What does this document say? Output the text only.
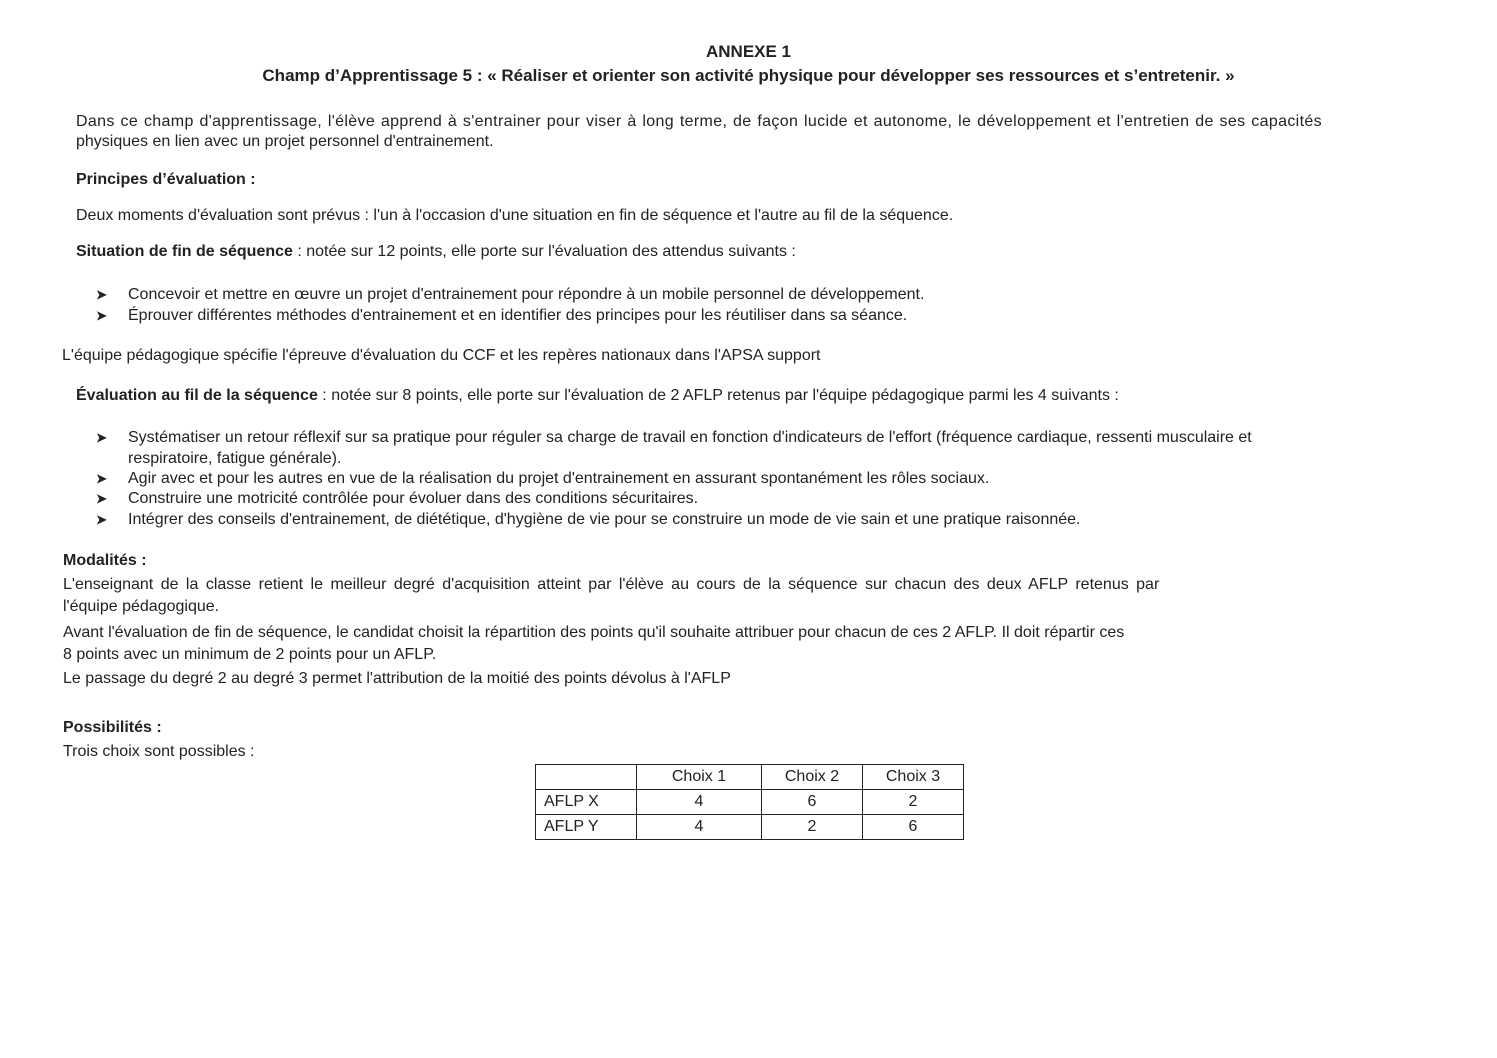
ANNEXE 1
Champ d’Apprentissage 5 : « Réaliser et orienter son activité physique pour développer ses ressources et s’entretenir. »
Dans ce champ d'apprentissage, l'élève apprend à s'entrainer pour viser à long terme, de façon lucide et autonome, le développement et l'entretien de ses capacités
physiques en lien avec un projet personnel d'entrainement.
Principes d’évaluation :
Deux moments d'évaluation sont prévus : l'un à l'occasion d'une situation en fin de séquence et l'autre au fil de la séquence.
Situation de fin de séquence : notée sur 12 points, elle porte sur l'évaluation des attendus suivants :
➤ Concevoir et mettre en œuvre un projet d'entrainement pour répondre à un mobile personnel de développement.
➤ Éprouver différentes méthodes d'entrainement et en identifier des principes pour les réutiliser dans sa séance.
L'équipe pédagogique spécifie l'épreuve d'évaluation du CCF et les repères nationaux dans l'APSA support
Évaluation au fil de la séquence : notée sur 8 points, elle porte sur l'évaluation de 2 AFLP retenus par l'équipe pédagogique parmi les 4 suivants :
➤ Systématiser un retour réflexif sur sa pratique pour réguler sa charge de travail en fonction d'indicateurs de l'effort (fréquence cardiaque, ressenti musculaire et
respiratoire, fatigue générale).
➤ Agir avec et pour les autres en vue de la réalisation du projet d'entrainement en assurant spontanément les rôles sociaux.
➤ Construire une motricité contrôlée pour évoluer dans des conditions sécuritaires.
➤ Intégrer des conseils d'entrainement, de diététique, d'hygiène de vie pour se construire un mode de vie sain et une pratique raisonnée.
Modalités :
L'enseignant de la classe retient le meilleur degré d'acquisition atteint par l'élève au cours de la séquence sur chacun des deux AFLP retenus par
l'équipe pédagogique.
Avant l'évaluation de fin de séquence, le candidat choisit la répartition des points qu'il souhaite attribuer pour chacun de ces 2 AFLP. Il doit répartir ces
8 points avec un minimum de 2 points pour un AFLP.
Le passage du degré 2 au degré 3 permet l'attribution de la moitié des points dévolus à l'AFLP
Possibilités :
Trois choix sont possibles :
	Choix 1	Choix 2	Choix 3
AFLP X	4	6	2
AFLP Y	4	2	6
